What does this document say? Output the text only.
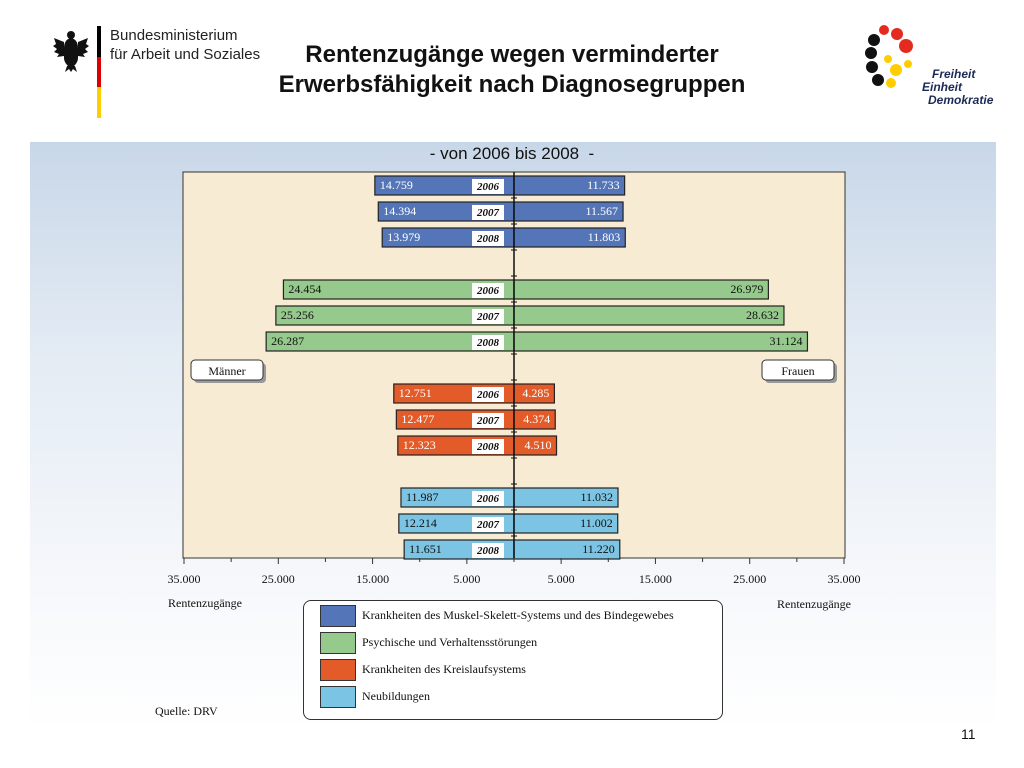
Bundesministerium
für Arbeit und Soziales	Rentenzugänge wegen verminderter Erwerbsfähigkeit nach Diagnosegruppen
- von 2006 bis 2008  -
Freiheit
Einheit
Demokratie
14.759	11.733
2006
14.394	11.567
2007
13.979	11.803
2008
24.454	26.979
2006
25.256	28.632
2007
26.287	31.124
2008
12.751	4.285
2006
12.477	4.374
2007
12.323	4.510
2008
11.987	11.032
2006
12.214	11.002
2007
11.651	11.220
2008
35.000	25.000	15.000	5.000	5.000	15.000	25.000	35.000
Männer	Frauen
Rentenzugänge	Rentenzugänge
Krankheiten des Muskel-Skelett-Systems und des Bindegewebes
Psychische und Verhaltensstörungen
Krankheiten des Kreislaufsystems
Neubildungen
Quelle: DRV
11
